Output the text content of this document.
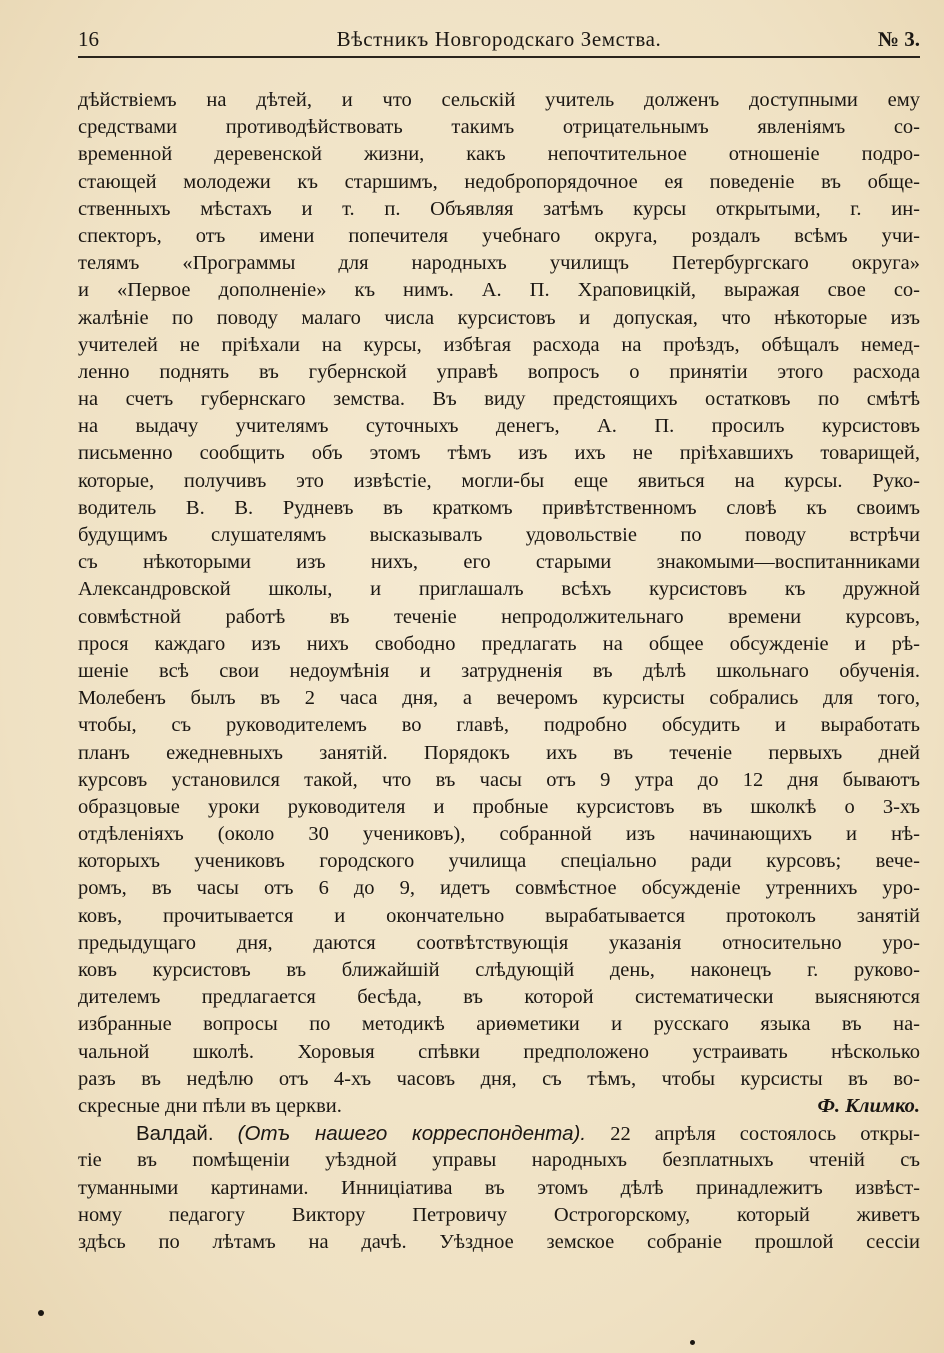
16	Вѣстникъ Новгородскаго Земства.	№ 3.
дѣйствіемъ на дѣтей, и что сельскій учитель долженъ доступными ему
средствами противодѣйствовать такимъ отрицательнымъ явленіямъ со-
временной деревенской жизни, какъ непочтительное отношеніе подро-
стающей молодежи къ старшимъ, недобропорядочное ея поведеніе въ обще-
ственныхъ мѣстахъ и т. п. Объявляя затѣмъ курсы открытыми, г. ин-
спекторъ, отъ имени попечителя учебнаго округа, роздалъ всѣмъ учи-
телямъ «Программы для народныхъ училищъ Петербургскаго округа»
и «Первое дополненіе» къ нимъ. А. П. Храповицкій, выражая свое со-
жалѣніе по поводу малаго числа курсистовъ и допуская, что нѣкоторые изъ
учителей не пріѣхали на курсы, избѣгая расхода на проѣздъ, обѣщалъ немед-
ленно поднять въ губернской управѣ вопросъ о принятіи этого расхода
на счетъ губернскаго земства. Въ виду предстоящихъ остатковъ по смѣтѣ
на выдачу учителямъ суточныхъ денегъ, А. П. просилъ курсистовъ
письменно сообщить объ этомъ тѣмъ изъ ихъ не пріѣхавшихъ товарищей,
которые, получивъ это извѣстіе, могли-бы еще явиться на курсы. Руко-
водитель В. В. Рудневъ въ краткомъ привѣтственномъ словѣ къ своимъ
будущимъ слушателямъ высказывалъ удовольствіе по поводу встрѣчи
съ нѣкоторыми изъ нихъ, его старыми знакомыми—воспитанниками
Александровской школы, и приглашалъ всѣхъ курсистовъ къ дружной
совмѣстной работѣ въ теченіе непродолжительнаго времени курсовъ,
прося каждаго изъ нихъ свободно предлагать на общее обсужденіе и рѣ-
шеніе всѣ свои недоумѣнія и затрудненія въ дѣлѣ школьнаго обученія.
Молебенъ былъ въ 2 часа дня, а вечеромъ курсисты собрались для того,
чтобы, съ руководителемъ во главѣ, подробно обсудить и выработать
планъ ежедневныхъ занятій. Порядокъ ихъ въ теченіе первыхъ дней
курсовъ установился такой, что въ часы отъ 9 утра до 12 дня бываютъ
образцовые уроки руководителя и пробные курсистовъ въ школкѣ о 3-хъ
отдѣленіяхъ (около 30 учениковъ), собранной изъ начинающихъ и нѣ-
которыхъ учениковъ городского училища спеціально ради курсовъ; вече-
ромъ, въ часы отъ 6 до 9, идетъ совмѣстное обсужденіе утреннихъ уро-
ковъ, прочитывается и окончательно вырабатывается протоколъ занятій
предыдущаго дня, даются соотвѣтствующія указанія относительно уро-
ковъ курсистовъ въ ближайшій слѣдующій день, наконецъ г. руково-
дителемъ предлагается бесѣда, въ которой систематически выясняются
избранные вопросы по методикѣ ариѳметики и русскаго языка въ на-
чальной школѣ. Хоровыя спѣвки предположено устраивать нѣсколько
разъ въ недѣлю отъ 4-хъ часовъ дня, съ тѣмъ, чтобы курсисты въ во-
скресные дни пѣли въ церкви.	Ф. Климко.
Валдай. (Отъ нашего корреспондента). 22 апрѣля состоялось откры-
тіе въ помѣщеніи уѣздной управы народныхъ безплатныхъ чтеній съ
туманными картинами. Инниціатива въ этомъ дѣлѣ принадлежитъ извѣст-
ному педагогу Виктору Петровичу Острогорскому, который живетъ
здѣсь по лѣтамъ на дачѣ. Уѣздное земское собраніе прошлой сессіи
